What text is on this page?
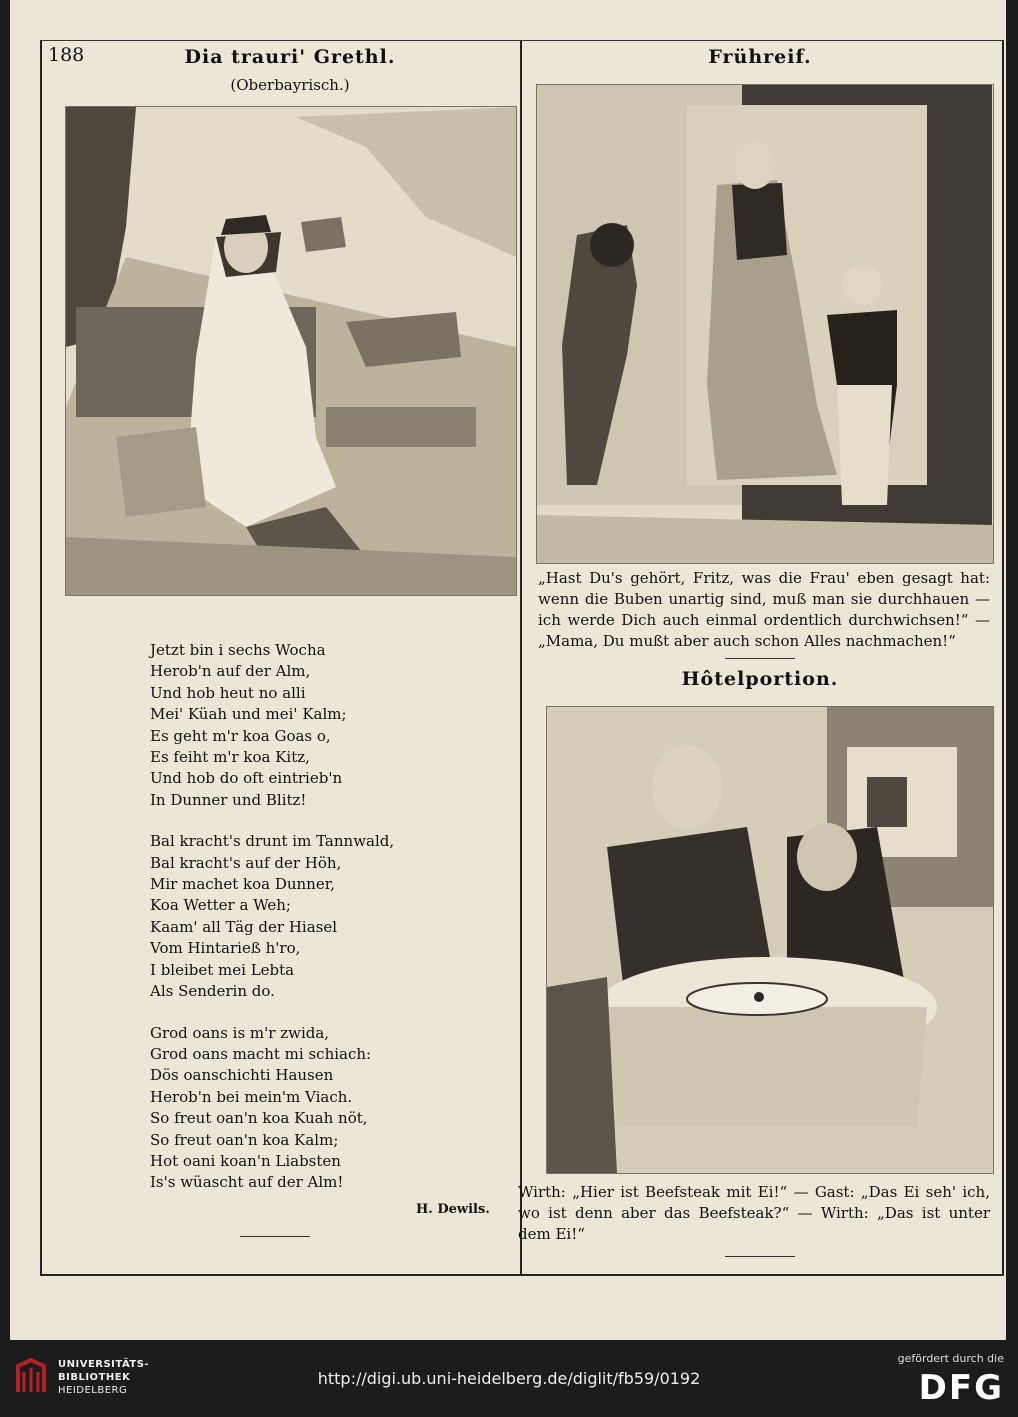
188	Dia trauri' Grethl.
(Oberbayrisch.)
Jetzt bin i sechs Wocha
Herob'n auf der Alm,
Und hob heut no alli
Mei' Küah und mei' Kalm;
Es geht m'r koa Goas o,
Es feiht m'r koa Kitz,
Und hob do oft eintrieb'n
In Dunner und Blitz!
Bal kracht's drunt im Tannwald,
Bal kracht's auf der Höh,
Mir machet koa Dunner,
Koa Wetter a Weh;
Kaam' all Täg der Hiasel
Vom Hintarieß h'ro,
I bleibet mei Lebta
Als Senderin do.
Grod oans is m'r zwida,
Grod oans macht mi schiach:
Dös oanschichti Hausen
Herob'n bei mein'm Viach.
So freut oan'n koa Kuah nöt,
So freut oan'n koa Kalm;
Hot oani koan'n Liabsten
Is's wüascht auf der Alm!
H. Dewils.
Frühreif.
„Hast Du's gehört, Fritz, was die Frau' eben gesagt hat: wenn die Buben unartig sind, muß man sie durchhauen — ich werde Dich auch einmal ordentlich durchwichsen!“ — „Mama, Du mußt aber auch schon Alles nachmachen!“
Hôtelportion.
Wirth: „Hier ist Beefsteak mit Ei!“ — Gast: „Das Ei seh' ich, wo ist denn aber das Beefsteak?“ — Wirth: „Das ist unter dem Ei!“
UNIVERSITÄTS-
BIBLIOTHEK
HEIDELBERG
http://digi.ub.uni-heidelberg.de/diglit/fb59/0192
gefördert durch die
DFG
